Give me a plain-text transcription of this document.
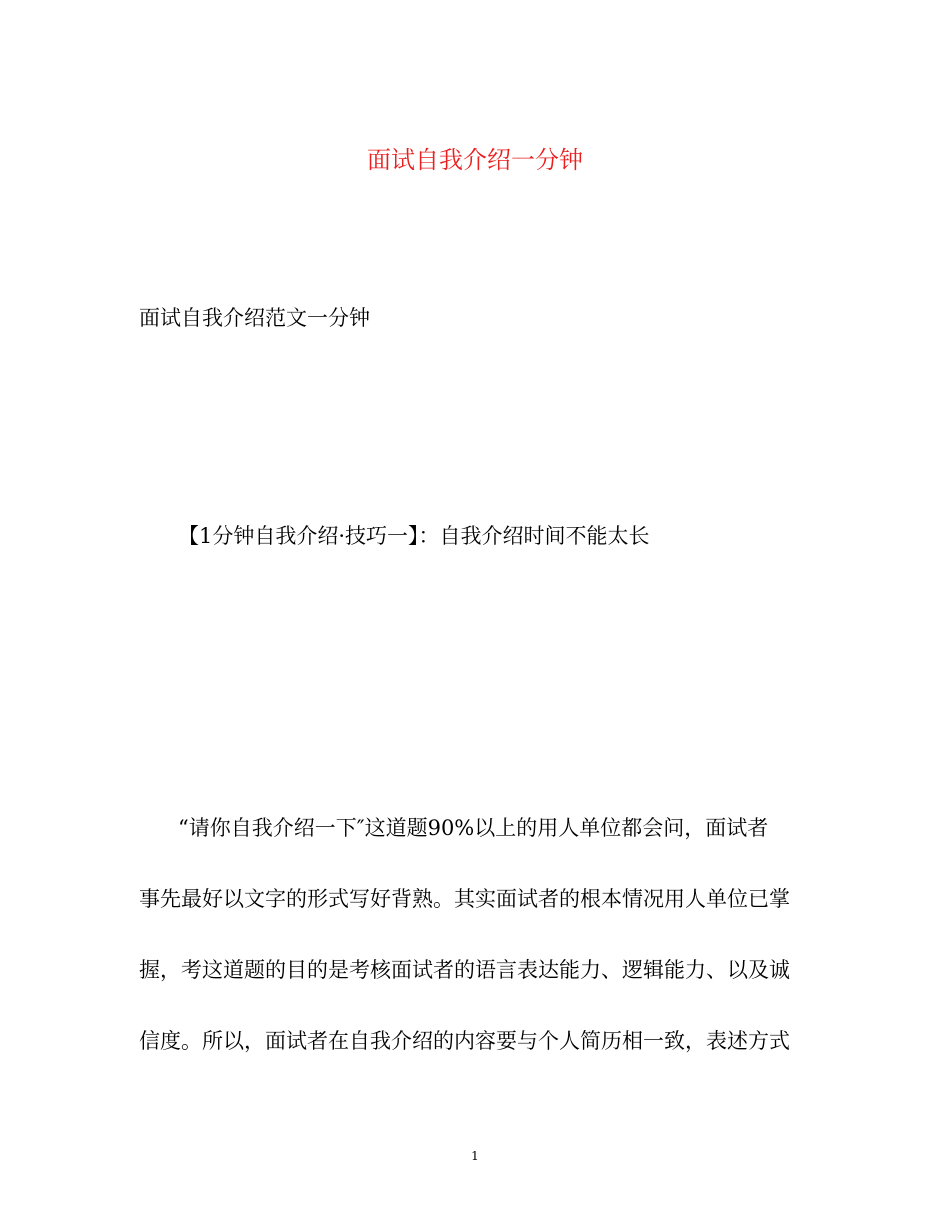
面试自我介绍一分钟
面试自我介绍范文一分钟
【1分钟自我介绍·技巧一】：自我介绍时间不能太长
“请你自我介绍一下″这道题90%以上的用人单位都会问，面试者
事先最好以文字的形式写好背熟。其实面试者的根本情况用人单位已掌
握，考这道题的目的是考核面试者的语言表达能力、逻辑能力、以及诚
信度。所以，面试者在自我介绍的内容要与个人简历相一致，表述方式
1
